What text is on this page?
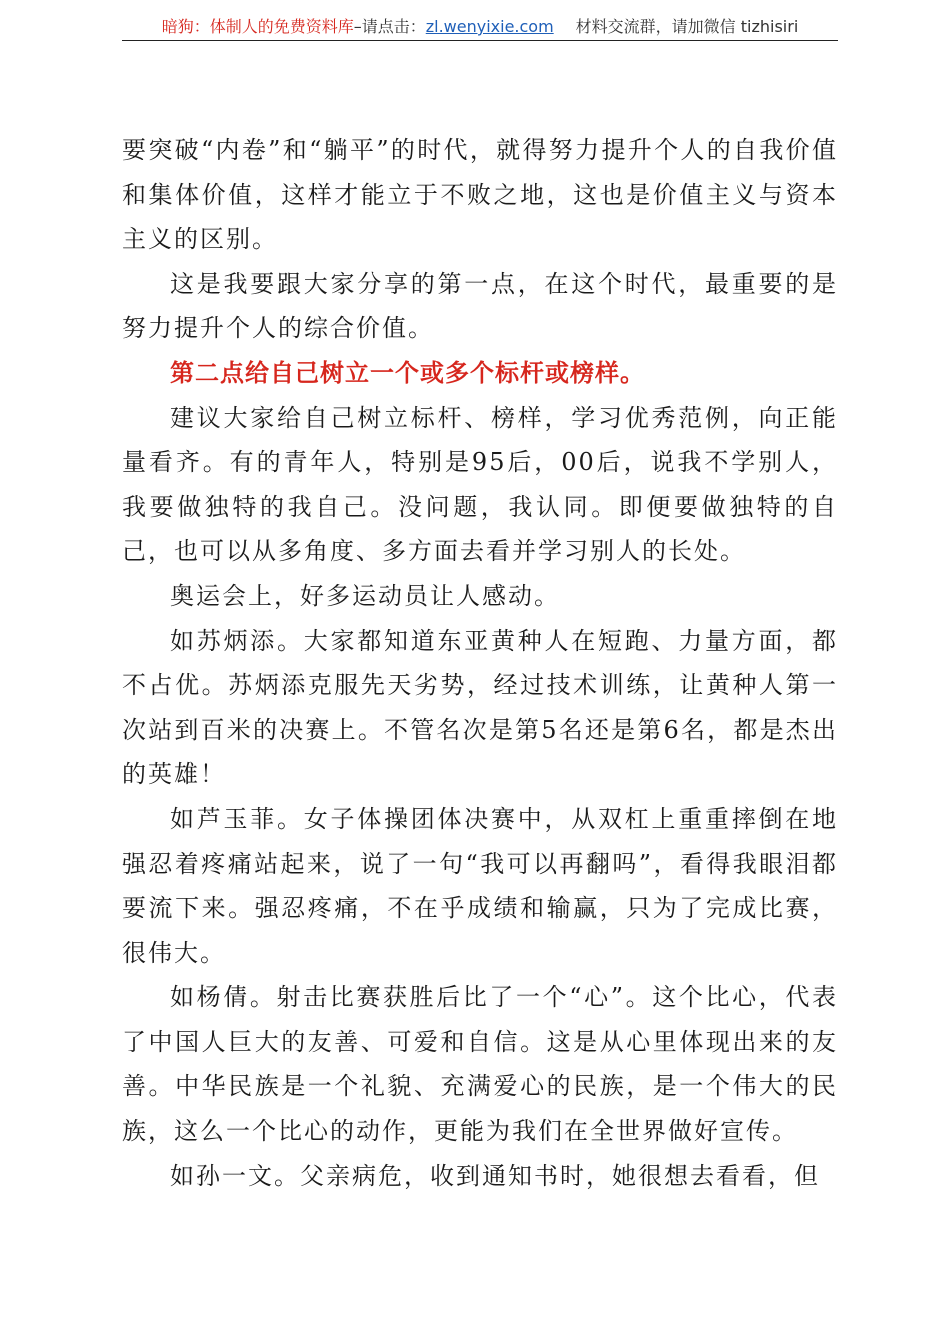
暗狗：体制人的免费资料库–请点击：zl.wenyixie.com 材料交流群，请加微信 tizhisiri

要突破“内卷”和“躺平”的时代，就得努力提升个人的自我价值和集体价值，这样才能立于不败之地，这也是价值主义与资本主义的区别。

这是我要跟大家分享的第一点，在这个时代，最重要的是努力提升个人的综合价值。

第二点给自己树立一个或多个标杆或榜样。

建议大家给自己树立标杆、榜样，学习优秀范例，向正能量看齐。有的青年人，特别是95后，00后，说我不学别人，我要做独特的我自己。没问题，我认同。即便要做独特的自己，也可以从多角度、多方面去看并学习别人的长处。

奥运会上，好多运动员让人感动。

如苏炳添。大家都知道东亚黄种人在短跑、力量方面，都不占优。苏炳添克服先天劣势，经过技术训练，让黄种人第一次站到百米的决赛上。不管名次是第5名还是第6名，都是杰出的英雄！

如芦玉菲。女子体操团体决赛中，从双杠上重重摔倒在地强忍着疼痛站起来，说了一句“我可以再翻吗”，看得我眼泪都要流下来。强忍疼痛，不在乎成绩和输赢，只为了完成比赛，很伟大。

如杨倩。射击比赛获胜后比了一个“心”。这个比心，代表了中国人巨大的友善、可爱和自信。这是从心里体现出来的友善。中华民族是一个礼貌、充满爱心的民族，是一个伟大的民族，这么一个比心的动作，更能为我们在全世界做好宣传。

如孙一文。父亲病危，收到通知书时，她很想去看看，但
